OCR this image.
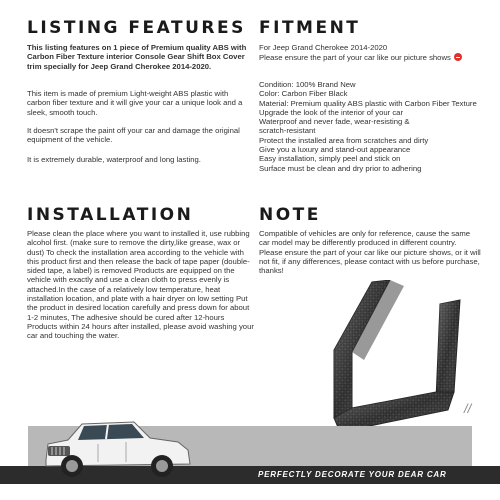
LISTING FEATURES

This listing features on 1 piece of Premium quality ABS with Carbon Fiber Texture interior Console Gear Shift Box Cover trim specially for Jeep Grand Cherokee 2014-2020.

This item is made of premium Light-weight ABS plastic with carbon fiber texture and it will give your car a unique look and a sleek, smooth touch.

It doesn't scrape the paint off your car and damage the original equipment of the vehicle.

It is extremely durable, waterproof and long lasting.

FITMENT
For Jeep Grand Cherokee 2014-2020
Please ensure the part of your car like our picture shows
Condition: 100% Brand New
Color: Carbon Fiber Black
Material: Premium quality ABS plastic with Carbon Fiber Texture
Upgrade the look of the interior of your car
Waterproof and never fade, wear-resisting &
scratch-resistant
Protect the installed area from scratches and dirty
Give you a luxury and stand-out appearance
Easy installation, simply peel and stick on
Surface must be clean and dry prior to adhering
INSTALLATION

Please clean the place where you want to installed it, use rubbing alcohol first. (make sure to remove the dirty,like grease, wax or dust) To check the installation area according to the vehicle with this product first and then release the back of tape paper (double-sided tape, a label) is removed Products are equipped on the vehicle with exactly and use a clean cloth to press evenly is attached.In the case of a relatively low temperature, heat installation location, and plate with a hair dryer on low setting Put the product in desired location carefully and press down for about 1-2 minutes, The adhesive should be cured after 12-hours Products within 24 hours after installed, please avoid washing your car and touching the water.

NOTE

Compatible of vehicles are only for reference, cause the same car model may be differently produced in different country. Please ensure the part of your car like our picture shows, or it will not fit, if any differences, please contact with us before purchase, thanks!

//
PERFECTLY DECORATE YOUR DEAR CAR
